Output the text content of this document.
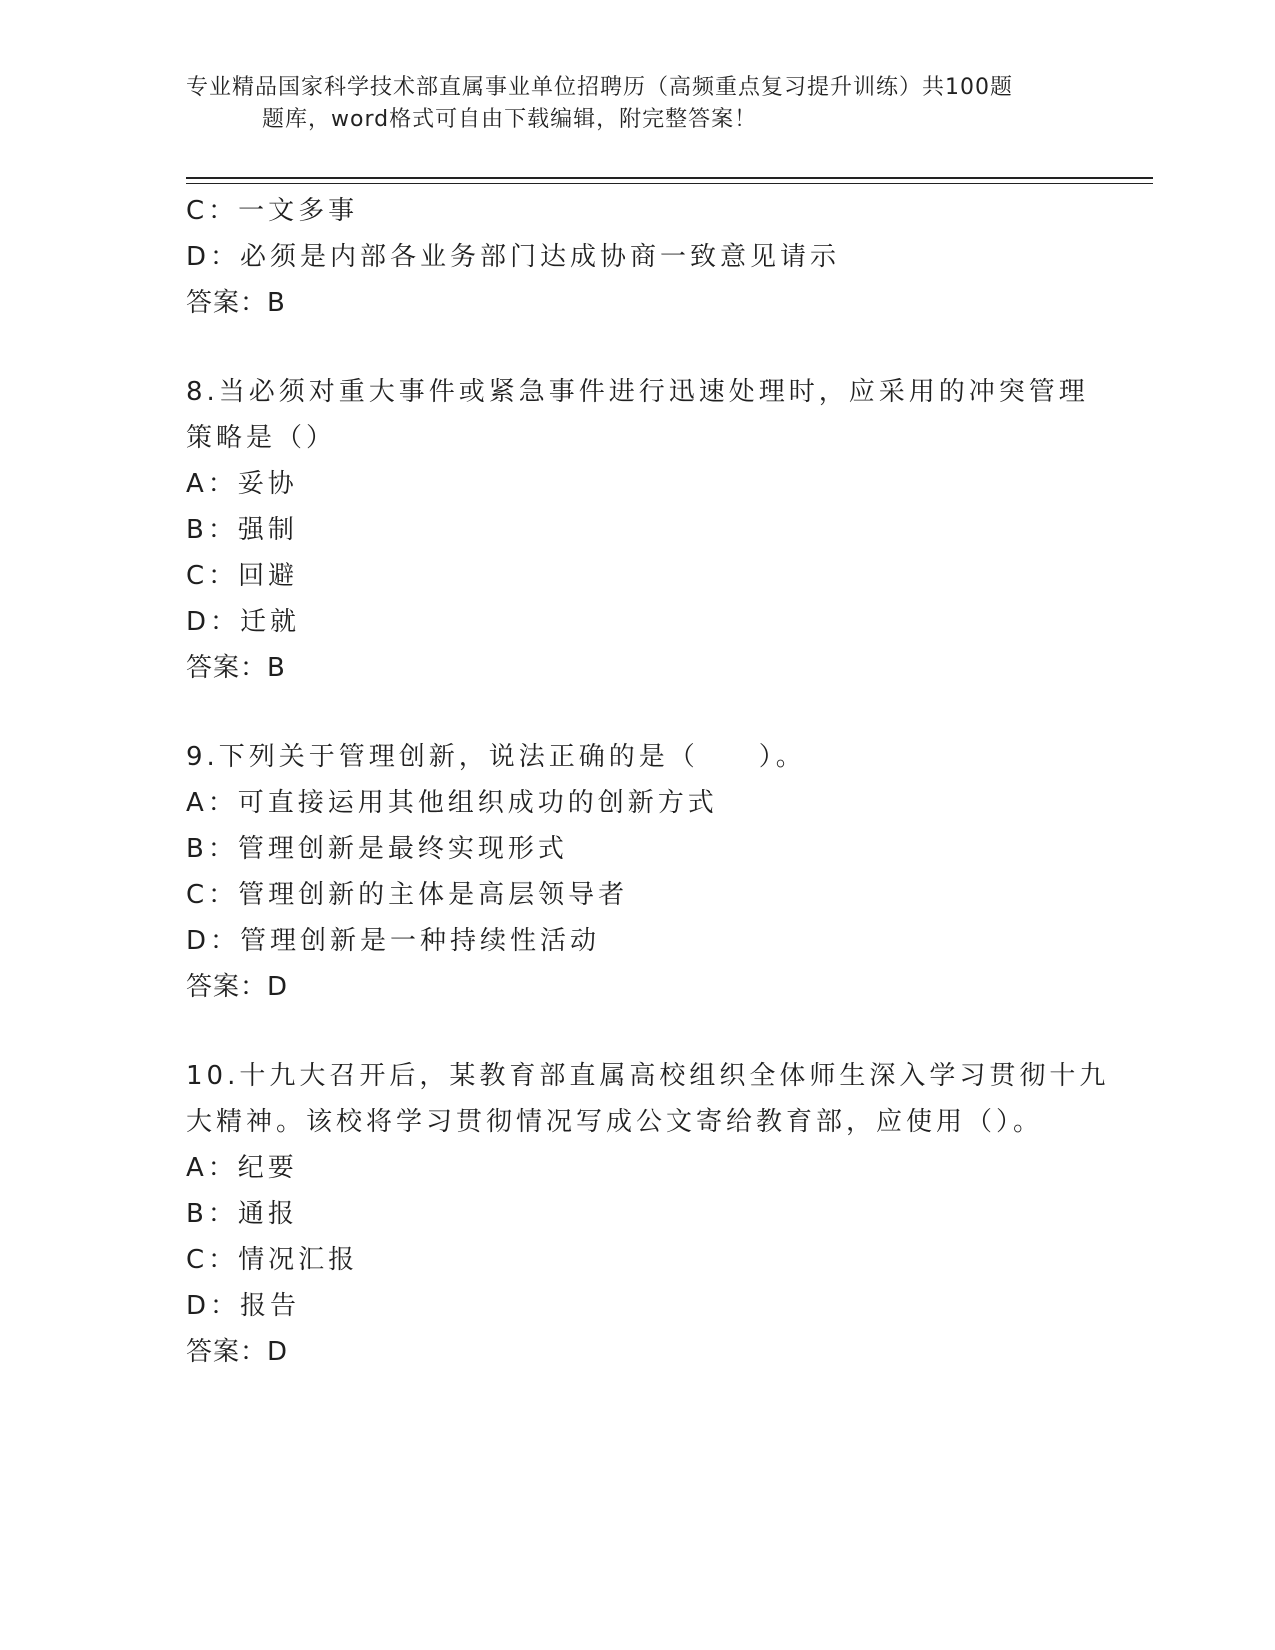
专业精品国家科学技术部直属事业单位招聘历（高频重点复习提升训练）共100题
题库，word格式可自由下载编辑，附完整答案！
C：一文多事
D：必须是内部各业务部门达成协商一致意见请示
答案：B
8.当必须对重大事件或紧急事件进行迅速处理时，应采用的冲突管理
策略是（）
A：妥协
B：强制
C：回避
D：迁就
答案：B
9.下列关于管理创新，说法正确的是（　　）。
A：可直接运用其他组织成功的创新方式
B：管理创新是最终实现形式
C：管理创新的主体是高层领导者
D：管理创新是一种持续性活动
答案：D
10.十九大召开后，某教育部直属高校组织全体师生深入学习贯彻十九
大精神。该校将学习贯彻情况写成公文寄给教育部，应使用（）。
A：纪要
B：通报
C：情况汇报
D：报告
答案：D
